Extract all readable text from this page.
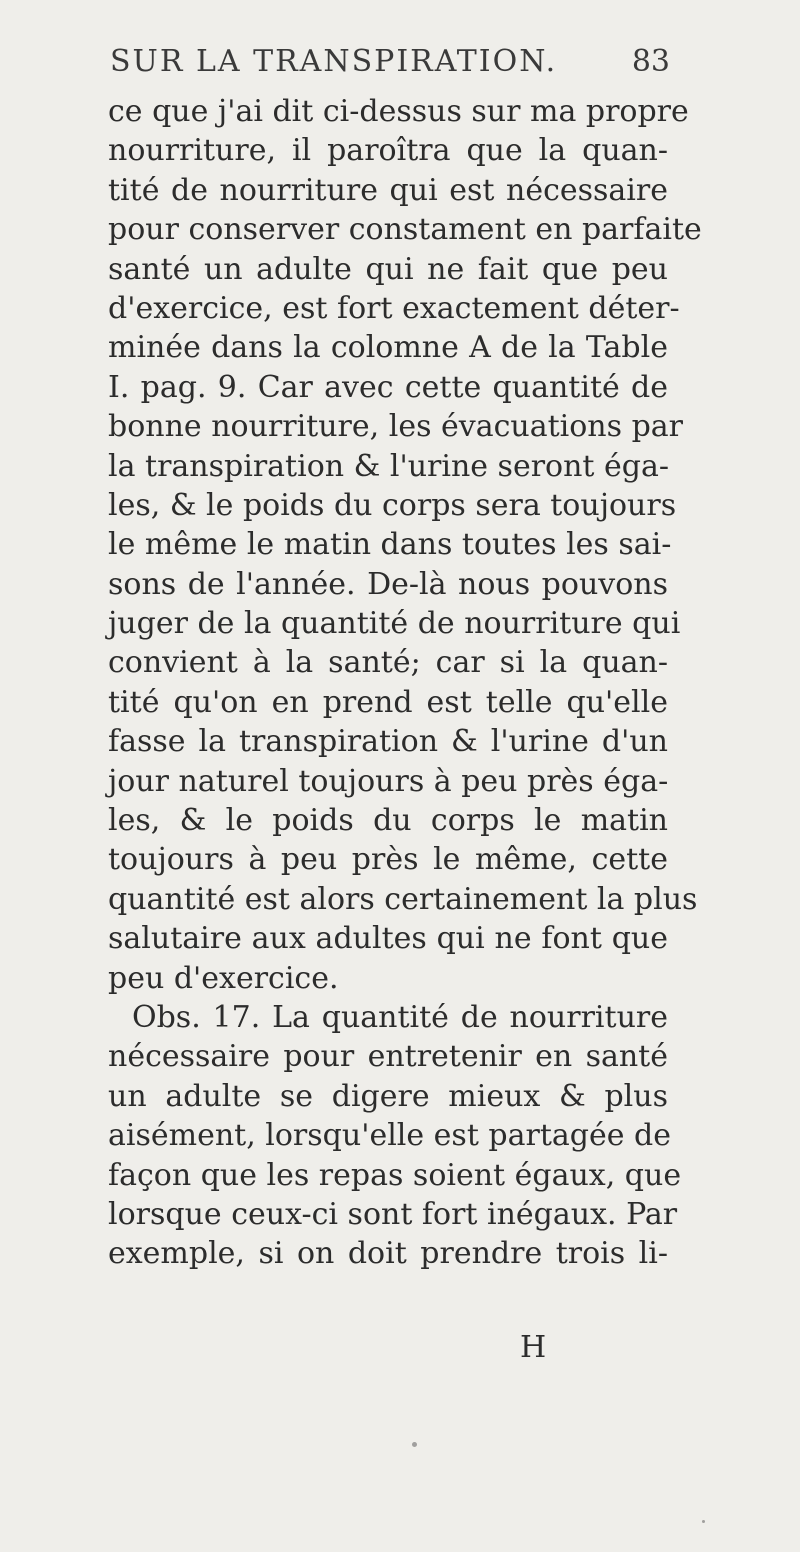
SUR LA TRANSPIRATION. 83
ce que j'ai dit ci-dessus sur ma propre
nourriture, il paroîtra que la quan-
tité de nourriture qui est nécessaire
pour conserver constament en parfaite
santé un adulte qui ne fait que peu
d'exercice, est fort exactement déter-
minée dans la colomne A de la Table
I. pag. 9. Car avec cette quantité de
bonne nourriture, les évacuations par
la transpiration & l'urine seront éga-
les, & le poids du corps sera toujours
le même le matin dans toutes les sai-
sons de l'année. De-là nous pouvons
juger de la quantité de nourriture qui
convient à la santé; car si la quan-
tité qu'on en prend est telle qu'elle
fasse la transpiration & l'urine d'un
jour naturel toujours à peu près éga-
les, & le poids du corps le matin
toujours à peu près le même, cette
quantité est alors certainement la plus
salutaire aux adultes qui ne font que
peu d'exercice.
Obs. 17. La quantité de nourriture
nécessaire pour entretenir en santé
un adulte se digere mieux & plus
aisément, lorsqu'elle est partagée de
façon que les repas soient égaux, que
lorsque ceux-ci sont fort inégaux. Par
exemple, si on doit prendre trois li-
H
